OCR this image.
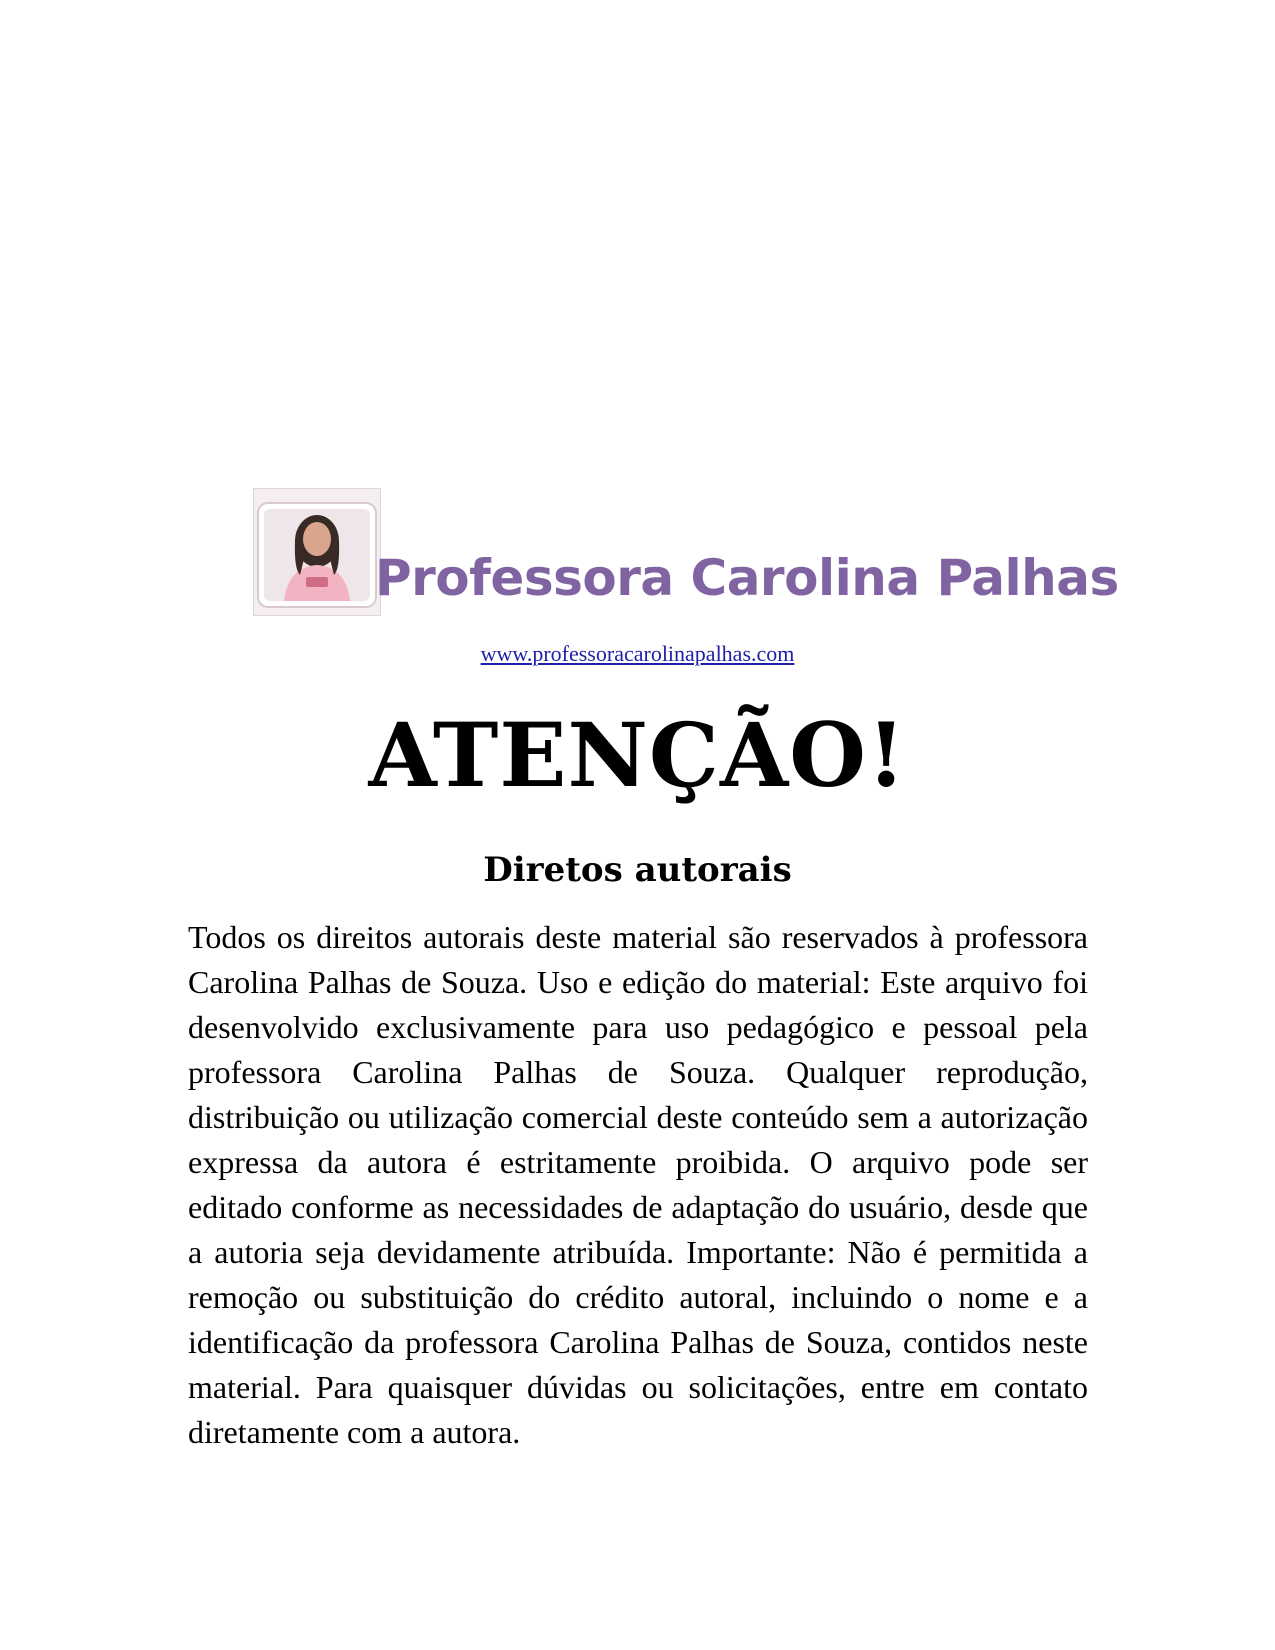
Professora Carolina Palhas
www.professoracarolinapalhas.com
ATENÇÃO!
Diretos autorais

Todos os direitos autorais deste material são reservados à professora Carolina Palhas de Souza. Uso e edição do material: Este arquivo foi desenvolvido exclusivamente para uso pedagógico e pessoal pela professora Carolina Palhas de Souza. Qualquer reprodução, distribuição ou utilização comercial deste conteúdo sem a autorização expressa da autora é estritamente proibida. O arquivo pode ser editado conforme as necessidades de adaptação do usuário, desde que a autoria seja devidamente atribuída. Importante: Não é permitida a remoção ou substituição do crédito autoral, incluindo o nome e a identificação da professora Carolina Palhas de Souza, contidos neste material. Para quaisquer dúvidas ou solicitações, entre em contato diretamente com a autora.
